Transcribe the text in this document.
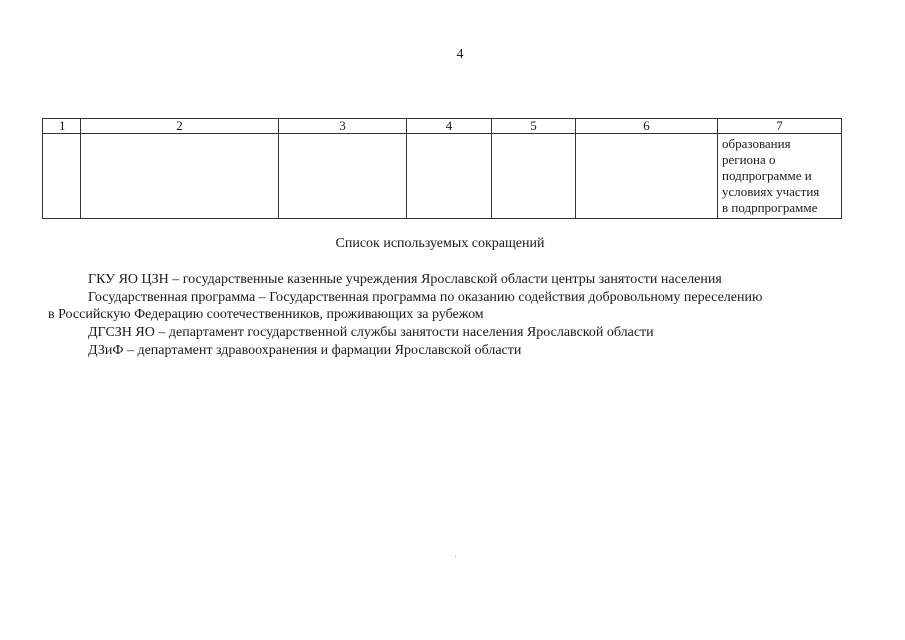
4
1	2	3	4	5	6	7

						образования
региона о
подпрограмме и
условиях участия
в подрпрограмме
Список используемых сокращений
ГКУ ЯО ЦЗН – государственные казенные учреждения Ярославской области центры занятости населения
Государственная программа – Государственная программа по оказанию содействия добровольному переселению
в Российскую Федерацию соотечественников, проживающих за рубежом
ДГСЗН ЯО – департамент государственной службы занятости населения Ярославской области
ДЗиФ – департамент здравоохранения и фармации Ярославской области
